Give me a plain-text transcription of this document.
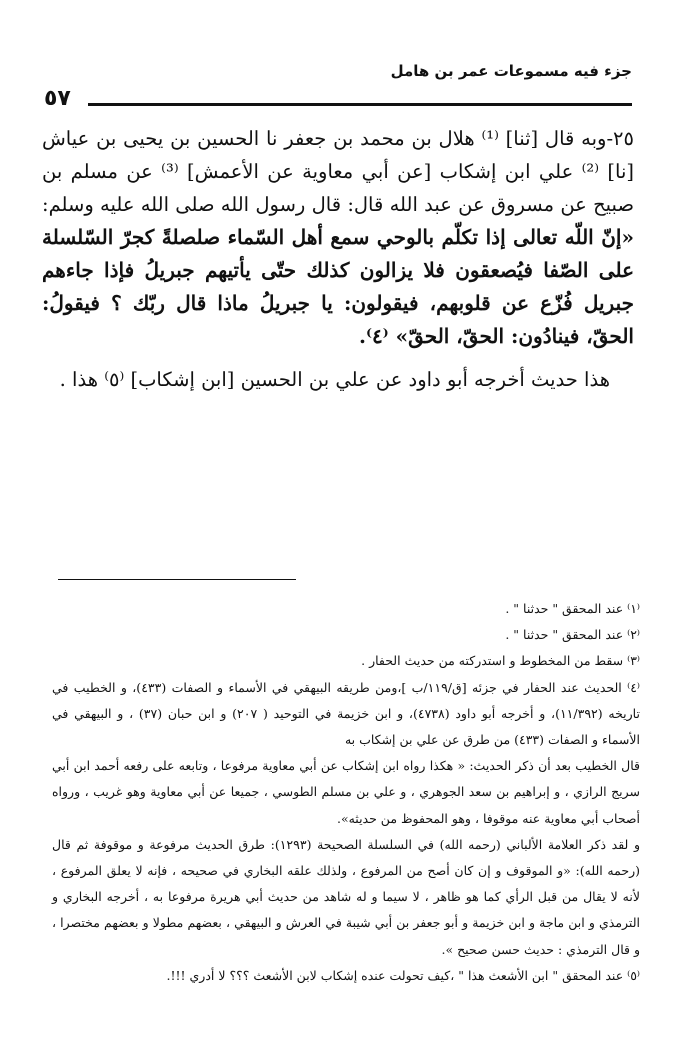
جزء فيه مسموعات عمر بن هامل
٥٧

٢٥-وبه قال [ثنا] ⁽¹⁾ هلال بن محمد بن جعفر نا الحسين بن يحيى بن عياش [نا] ⁽²⁾ علي ابن إشكاب [عن أبي معاوية عن الأعمش] ⁽³⁾ عن مسلم بن صبيح عن مسروق عن عبد الله قال: قال رسول الله صلى الله عليه وسلم: «إنّ اللّه تعالى إذا تكلّم بالوحي سمع أهل السّماء صلصلةً كجرّ السّلسلة على الصّفا فيُصعقون فلا يزالون كذلك حتّى يأتيهم جبريلُ فإذا جاءهم جبريل فُزّع عن قلوبهم، فيقولون: يا جبريلُ ماذا قال ربّك ؟ فيقولُ: الحقّ، فينادُون: الحقّ، الحقّ» ⁽٤⁾.

هذا حديث أخرجه أبو داود عن علي بن الحسين [ابن إشكاب] ⁽٥⁾ هذا .

⁽١⁾ عند المحقق " حدثنا " .

⁽٢⁾ عند المحقق " حدثنا " .

⁽٣⁾ سقط من المخطوط و استدركته من حديث الحفار .

⁽٤⁾ الحديث عند الحفار في جزئه [ق/١١٩/ب ]،ومن طريقه البيهقي في الأسماء و الصفات (٤٣٣)، و الخطيب في تاريخه (١١/٣٩٢)، و أخرجه أبو داود (٤٧٣٨)، و ابن خزيمة في التوحيد ( ٢٠٧) و ابن حبان (٣٧) ، و البيهقي في الأسماء و الصفات (٤٣٣) من طرق عن علي بن إشكاب به

قال الخطيب بعد أن ذكر الحديث: « هكذا رواه ابن إشكاب عن أبي معاوية مرفوعا ، وتابعه على رفعه أحمد ابن أبي سريج الرازي ، و إبراهيم بن سعد الجوهري ، و علي بن مسلم الطوسي ، جميعا عن أبي معاوية وهو غريب ، ورواه أصحاب أبي معاوية عنه موقوفا ، وهو المحفوظ من حديثه».

و لقد ذكر العلامة الألباني (رحمه الله) في السلسلة الصحيحة (١٢٩٣): طرق الحديث مرفوعة و موقوفة ثم قال (رحمه الله): «و الموقوف و إن كان أصح من المرفوع ، ولذلك علقه البخاري في صحيحه ، فإنه لا يعلق المرفوع ، لأنه لا يقال من قبل الرأي كما هو ظاهر ، لا سيما و له شاهد من حديث أبي هريرة مرفوعا به ، أخرجه البخاري و الترمذي و ابن ماجة و ابن خزيمة و أبو جعفر بن أبي شيبة في العرش و البيهقي ، بعضهم مطولا و بعضهم مختصرا ، و قال الترمذي : حديث حسن صحيح ».

⁽٥⁾ عند المحقق " ابن الأشعث هذا " ،كيف تحولت عنده إشكاب لابن الأشعث ؟؟؟ لا أدري !!!.
